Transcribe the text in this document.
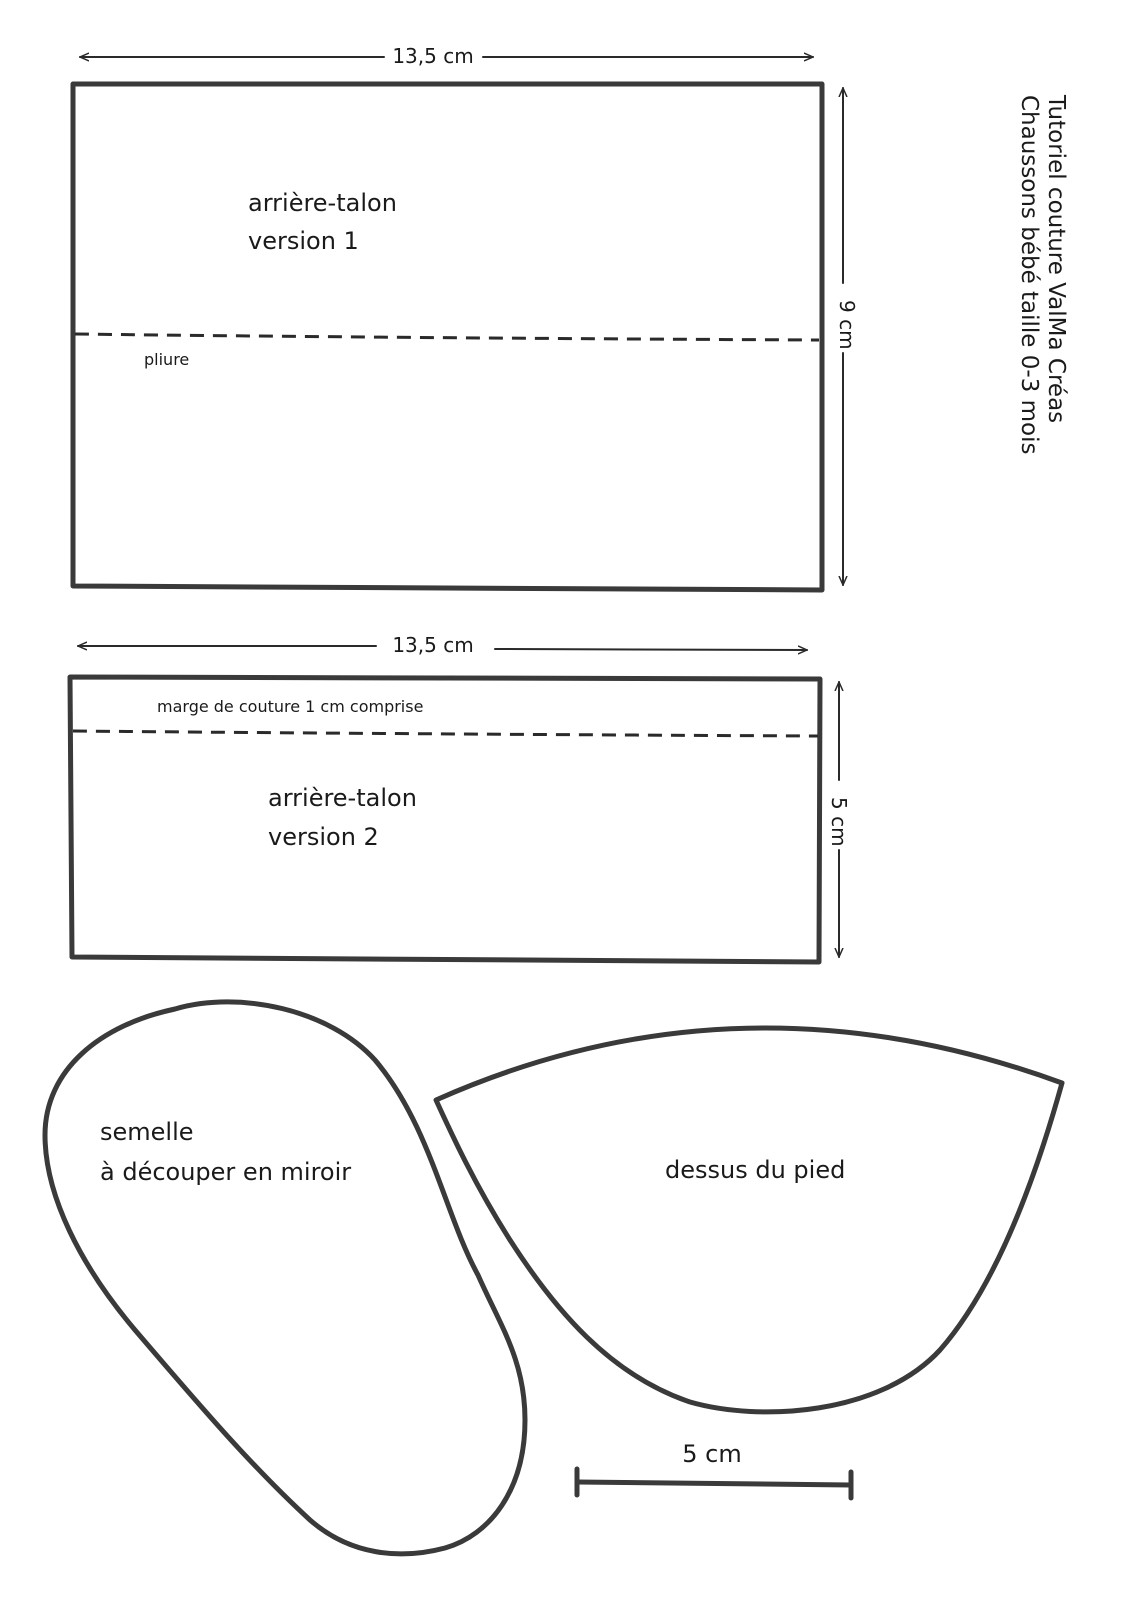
Tutoriel couture ValMa Créas
Chaussons bébé taille 0-3 mois
13,5 cm
pliure
9 cm
arrière-talon
version 1
13,5 cm
marge de couture 1 cm comprise
5 cm
arrière-talon
version 2
semelle
à découper en miroir	dessus du pied
5 cm
